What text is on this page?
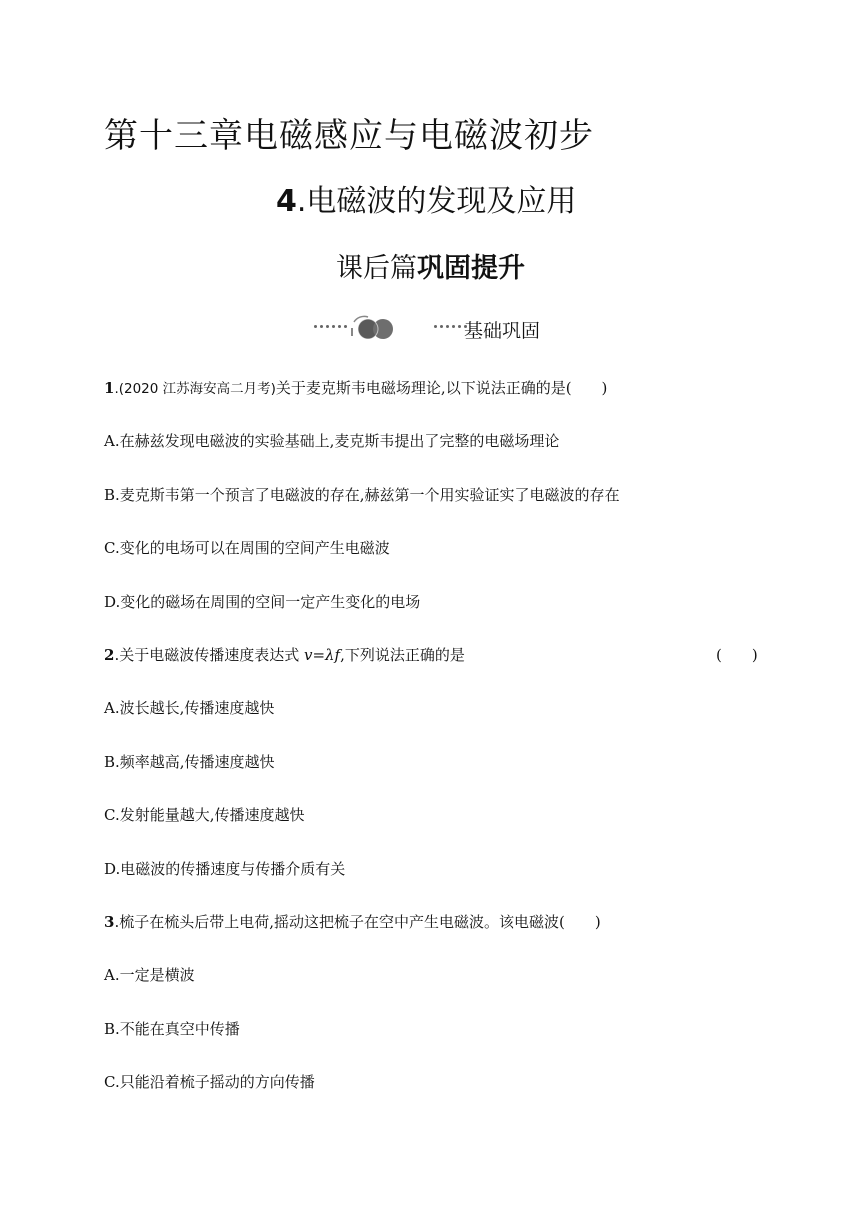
第十三章电磁感应与电磁波初步
4.电磁波的发现及应用
课后篇巩固提升
基础巩固
1.(2020 江苏海安高二月考)关于麦克斯韦电磁场理论,以下说法正确的是(　　)
A.在赫兹发现电磁波的实验基础上,麦克斯韦提出了完整的电磁场理论
B.麦克斯韦第一个预言了电磁波的存在,赫兹第一个用实验证实了电磁波的存在
C.变化的电场可以在周围的空间产生电磁波
D.变化的磁场在周围的空间一定产生变化的电场
2.关于电磁波传播速度表达式 v=λf,下列说法正确的是	(　　)
A.波长越长,传播速度越快
B.频率越高,传播速度越快
C.发射能量越大,传播速度越快
D.电磁波的传播速度与传播介质有关
3.梳子在梳头后带上电荷,摇动这把梳子在空中产生电磁波。该电磁波(　　)
A.一定是横波
B.不能在真空中传播
C.只能沿着梳子摇动的方向传播
